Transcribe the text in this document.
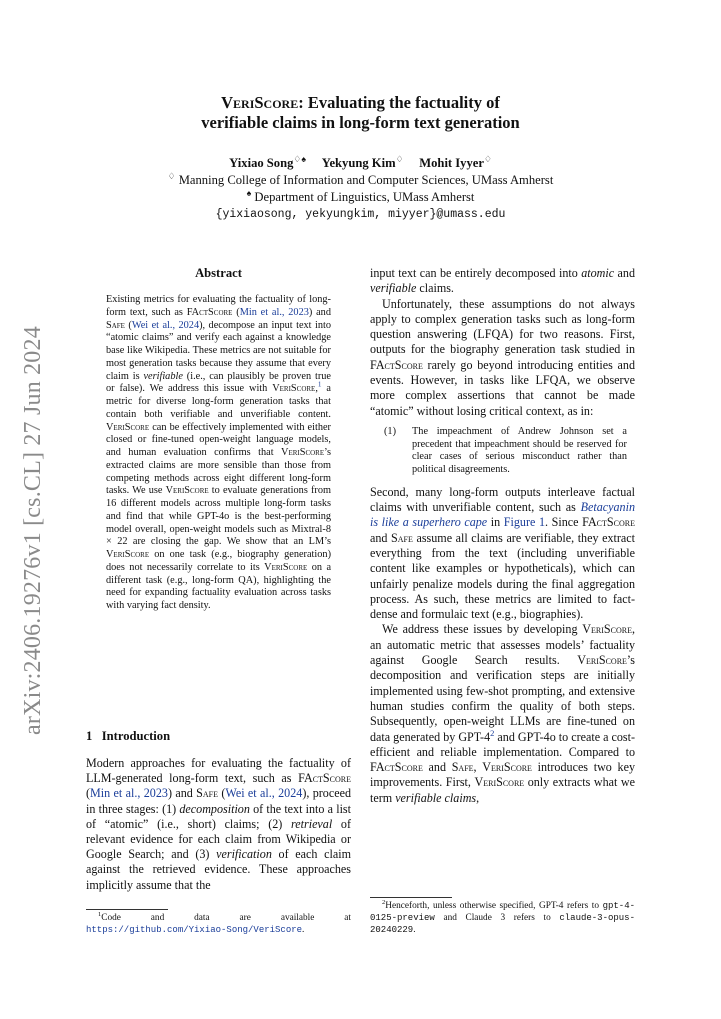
arXiv:2406.19276v1 [cs.CL] 27 Jun 2024
VeriScore: Evaluating the factuality of
verifiable claims in long-form text generation
Yixiao Song♢♠ Yekyung Kim♢ Mohit Iyyer♢
♢ Manning College of Information and Computer Sciences, UMass Amherst
♠ Department of Linguistics, UMass Amherst
{yixiaosong, yekyungkim, miyyer}@umass.edu
Abstract
Existing metrics for evaluating the factuality of long-form text, such as FActScore (Min et al., 2023) and Safe (Wei et al., 2024), decompose an input text into “atomic claims” and verify each against a knowledge base like Wikipedia. These metrics are not suitable for most generation tasks because they assume that every claim is verifiable (i.e., can plausibly be proven true or false). We address this issue with VeriScore,$^1$ a metric for diverse long-form generation tasks that contain both verifiable and unverifiable content. VeriScore can be effectively implemented with either closed or fine-tuned open-weight language models, and human evaluation confirms that VeriScore’s extracted claims are more sensible than those from competing methods across eight different long-form tasks. We use VeriScore to evaluate generations from 16 different models across multiple long-form tasks and find that while GPT-4o is the best-performing model overall, open-weight models such as Mixtral-8 × 22 are closing the gap. We show that an LM’s VeriScore on one task (e.g., biography generation) does not necessarily correlate to its VeriScore on a different task (e.g., long-form QA), highlighting the need for expanding factuality evaluation across tasks with varying fact density.
1 Introduction
Modern approaches for evaluating the factuality of LLM-generated long-form text, such as FActScore (Min et al., 2023) and Safe (Wei et al., 2024), proceed in three stages: (1) decomposition of the text into a list of “atomic” (i.e., short) claims; (2) retrieval of relevant evidence for each claim from Wikipedia or Google Search; and (3) verification of each claim against the retrieved evidence. These approaches implicitly assume that the
$^1$Code and data are available at https://github.com/Yixiao-Song/VeriScore.

input text can be entirely decomposed into atomic and verifiable claims.

Unfortunately, these assumptions do not always apply to complex generation tasks such as long-form question answering (LFQA) for two reasons. First, outputs for the biography generation task studied in FActScore rarely go beyond introducing entities and events. However, in tasks like LFQA, we observe more complex assertions that cannot be made “atomic” without losing critical context, as in:

(1)	The impeachment of Andrew Johnson set a precedent that impeachment should be reserved for clear cases of serious misconduct rather than political disagreements.

Second, many long-form outputs interleave factual claims with unverifiable content, such as Betacyanin is like a superhero cape in Figure 1. Since FActScore and Safe assume all claims are verifiable, they extract everything from the text (including unverifiable content like examples or hypotheticals), which can unfairly penalize models during the final aggregation process. As such, these metrics are limited to fact-dense and formulaic text (e.g., biographies).

We address these issues by developing VeriScore, an automatic metric that assesses models’ factuality against Google Search results. VeriScore’s decomposition and verification steps are initially implemented using few-shot prompting, and extensive human studies confirm the quality of both steps. Subsequently, open-weight LLMs are fine-tuned on data generated by GPT-$4^2$ and GPT-4o to create a cost-efficient and reliable implementation. Compared to FActScore and Safe, VeriScore introduces two key improvements. First, VeriScore only extracts what we term verifiable claims,

$^2$Henceforth, unless otherwise specified, GPT-4 refers to gpt-4-0125-preview and Claude 3 refers to claude-3-opus-20240229.
